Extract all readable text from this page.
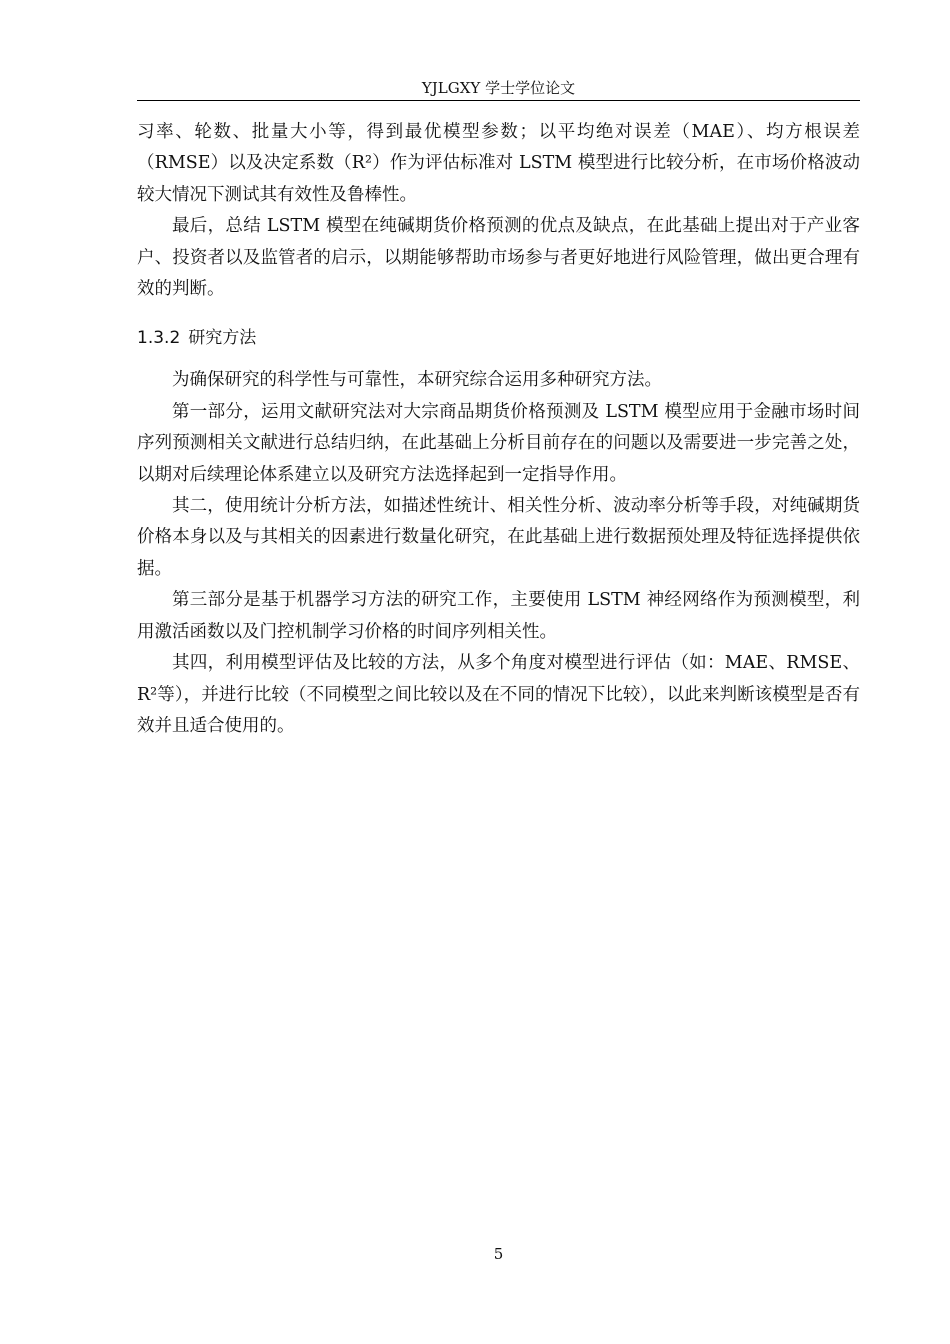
YJLGXY 学士学位论文

习率、轮数、批量大小等，得到最优模型参数；以平均绝对误差（MAE）、均方根误差（RMSE）以及决定系数（R²）作为评估标准对 LSTM 模型进行比较分析，在市场价格波动较大情况下测试其有效性及鲁棒性。

最后，总结 LSTM 模型在纯碱期货价格预测的优点及缺点，在此基础上提出对于产业客户、投资者以及监管者的启示，以期能够帮助市场参与者更好地进行风险管理，做出更合理有效的判断。

1.3.2 研究方法

为确保研究的科学性与可靠性，本研究综合运用多种研究方法。

第一部分，运用文献研究法对大宗商品期货价格预测及 LSTM 模型应用于金融市场时间序列预测相关文献进行总结归纳，在此基础上分析目前存在的问题以及需要进一步完善之处，以期对后续理论体系建立以及研究方法选择起到一定指导作用。

其二，使用统计分析方法，如描述性统计、相关性分析、波动率分析等手段，对纯碱期货价格本身以及与其相关的因素进行数量化研究，在此基础上进行数据预处理及特征选择提供依据。

第三部分是基于机器学习方法的研究工作，主要使用 LSTM 神经网络作为预测模型，利用激活函数以及门控机制学习价格的时间序列相关性。

其四，利用模型评估及比较的方法，从多个角度对模型进行评估（如：MAE、RMSE、R²等），并进行比较（不同模型之间比较以及在不同的情况下比较），以此来判断该模型是否有效并且适合使用的。

5
